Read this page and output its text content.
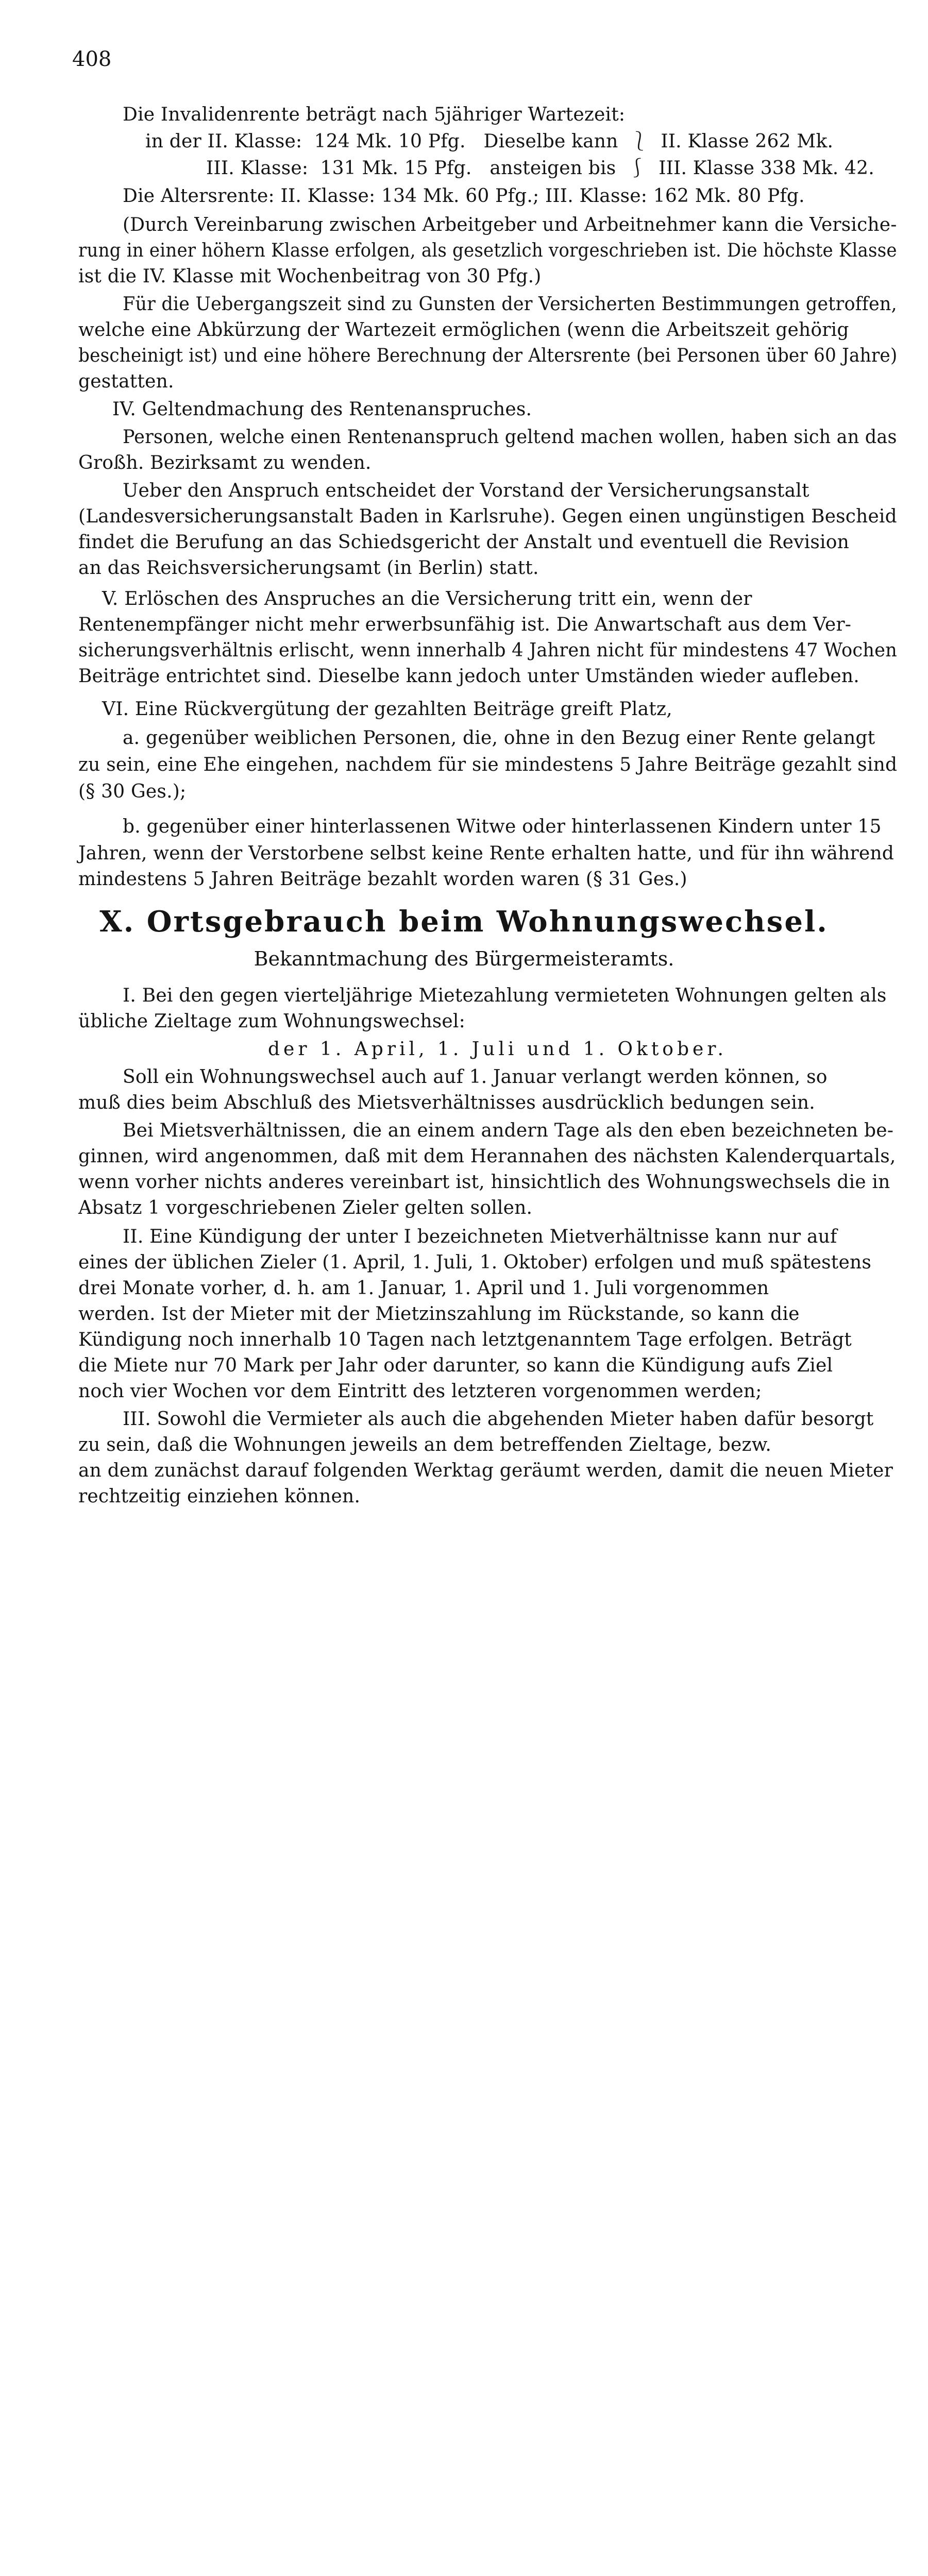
408
Die Invalidenrente beträgt nach 5jähriger Wartezeit:
in der II. Klasse:  124 Mk. 10 Pfg.   Dieselbe kann  ⎱  II. Klasse 262 Mk.
III. Klasse:  131 Mk. 15 Pfg.   ansteigen bis  ⎰  III. Klasse 338 Mk. 42.
Die Altersrente: II. Klasse: 134 Mk. 60 Pfg.; III. Klasse: 162 Mk. 80 Pfg.
(Durch Vereinbarung zwischen Arbeitgeber und Arbeitnehmer kann die Versiche-
rung in einer höhern Klasse erfolgen, als gesetzlich vorgeschrieben ist. Die höchste Klasse
ist die IV. Klasse mit Wochenbeitrag von 30 Pfg.)
Für die Uebergangszeit sind zu Gunsten der Versicherten Bestimmungen getroffen,
welche eine Abkürzung der Wartezeit ermöglichen (wenn die Arbeitszeit gehörig
bescheinigt ist) und eine höhere Berechnung der Altersrente (bei Personen über 60 Jahre)
gestatten.
IV. Geltendmachung des Rentenanspruches.
Personen, welche einen Rentenanspruch geltend machen wollen, haben sich an das
Großh. Bezirksamt zu wenden.
Ueber den Anspruch entscheidet der Vorstand der Versicherungsanstalt
(Landesversicherungsanstalt Baden in Karlsruhe). Gegen einen ungünstigen Bescheid
findet die Berufung an das Schiedsgericht der Anstalt und eventuell die Revision
an das Reichsversicherungsamt (in Berlin) statt.
V. Erlöschen des Anspruches an die Versicherung tritt ein, wenn der
Rentenempfänger nicht mehr erwerbsunfähig ist. Die Anwartschaft aus dem Ver-
sicherungsverhältnis erlischt, wenn innerhalb 4 Jahren nicht für mindestens 47 Wochen
Beiträge entrichtet sind. Dieselbe kann jedoch unter Umständen wieder aufleben.
VI. Eine Rückvergütung der gezahlten Beiträge greift Platz,
a. gegenüber weiblichen Personen, die, ohne in den Bezug einer Rente gelangt
zu sein, eine Ehe eingehen, nachdem für sie mindestens 5 Jahre Beiträge gezahlt sind
(§ 30 Ges.);
b. gegenüber einer hinterlassenen Witwe oder hinterlassenen Kindern unter 15
Jahren, wenn der Verstorbene selbst keine Rente erhalten hatte, und für ihn während
mindestens 5 Jahren Beiträge bezahlt worden waren (§ 31 Ges.)
X. Ortsgebrauch beim Wohnungswechsel.
Bekanntmachung des Bürgermeisteramts.
I. Bei den gegen vierteljährige Mietezahlung vermieteten Wohnungen gelten als
übliche Zieltage zum Wohnungswechsel:
der 1. April, 1. Juli und 1. Oktober.
Soll ein Wohnungswechsel auch auf 1. Januar verlangt werden können, so
muß dies beim Abschluß des Mietsverhältnisses ausdrücklich bedungen sein.
Bei Mietsverhältnissen, die an einem andern Tage als den eben bezeichneten be-
ginnen, wird angenommen, daß mit dem Herannahen des nächsten Kalenderquartals,
wenn vorher nichts anderes vereinbart ist, hinsichtlich des Wohnungswechsels die in
Absatz 1 vorgeschriebenen Zieler gelten sollen.
II. Eine Kündigung der unter I bezeichneten Mietverhältnisse kann nur auf
eines der üblichen Zieler (1. April, 1. Juli, 1. Oktober) erfolgen und muß spätestens
drei Monate vorher, d. h. am 1. Januar, 1. April und 1. Juli vorgenommen
werden. Ist der Mieter mit der Mietzinszahlung im Rückstande, so kann die
Kündigung noch innerhalb 10 Tagen nach letztgenanntem Tage erfolgen. Beträgt
die Miete nur 70 Mark per Jahr oder darunter, so kann die Kündigung aufs Ziel
noch vier Wochen vor dem Eintritt des letzteren vorgenommen werden;
III. Sowohl die Vermieter als auch die abgehenden Mieter haben dafür besorgt
zu sein, daß die Wohnungen jeweils an dem betreffenden Zieltage, bezw.
an dem zunächst darauf folgenden Werktag geräumt werden, damit die neuen Mieter
rechtzeitig einziehen können.
